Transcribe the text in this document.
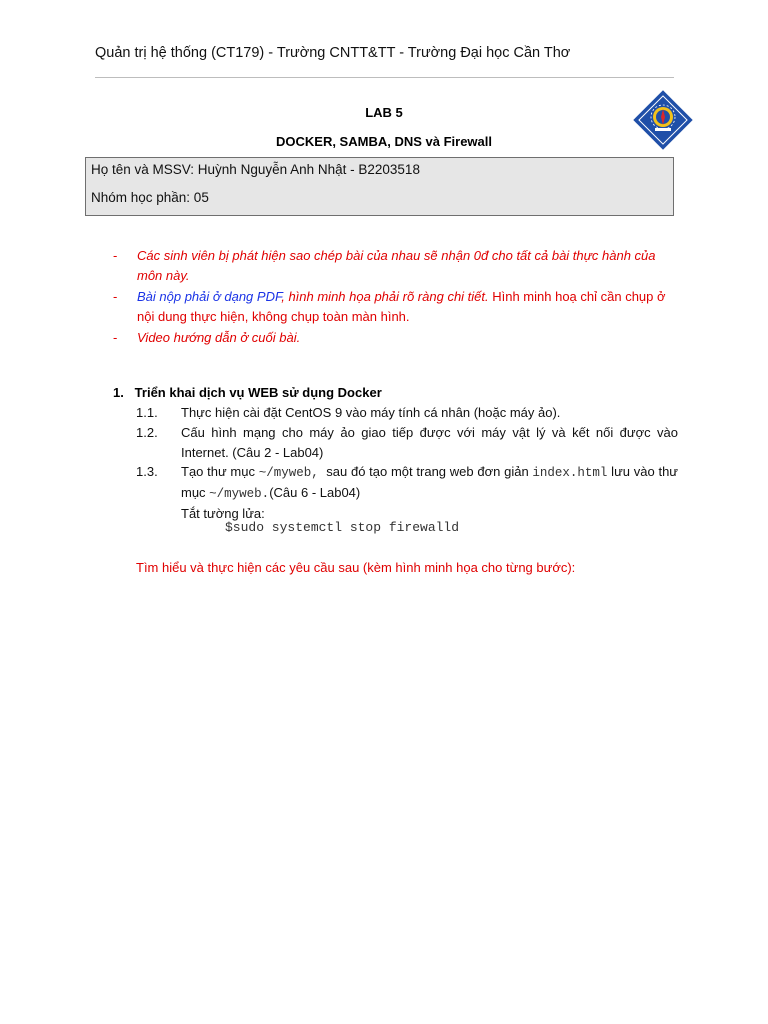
Quản trị hệ thống (CT179) - Trường CNTT&TT - Trường Đại học Cần Thơ
LAB 5
DOCKER, SAMBA, DNS và Firewall
Họ tên và MSSV: Huỳnh Nguyễn Anh Nhật - B2203518
Nhóm học phần: 05
- Các sinh viên bị phát hiện sao chép bài của nhau sẽ nhận 0đ cho tất cả bài thực hành của môn này.
- Bài nộp phải ở dạng PDF, hình minh họa phải rõ ràng chi tiết. Hình minh hoạ chỉ cần chụp ở nội dung thực hiện, không chụp toàn màn hình.
- Video hướng dẫn ở cuối bài.
1.   Triển khai dịch vụ WEB sử dụng Docker
1.1. Thực hiện cài đặt CentOS 9 vào máy tính cá nhân (hoặc máy ảo).
1.2. Cấu hình mạng cho máy ảo giao tiếp được với máy vật lý và kết nối được vào Internet. (Câu 2 - Lab04)
1.3. Tạo thư mục ~/myweb,  sau đó tạo một trang web đơn giản index.html lưu vào thư mục ~/myweb.(Câu 6 - Lab04)
Tắt tường lửa:
$sudo systemctl stop firewalld
Tìm hiểu và thực hiện các yêu cầu sau (kèm hình minh họa cho từng bước):
